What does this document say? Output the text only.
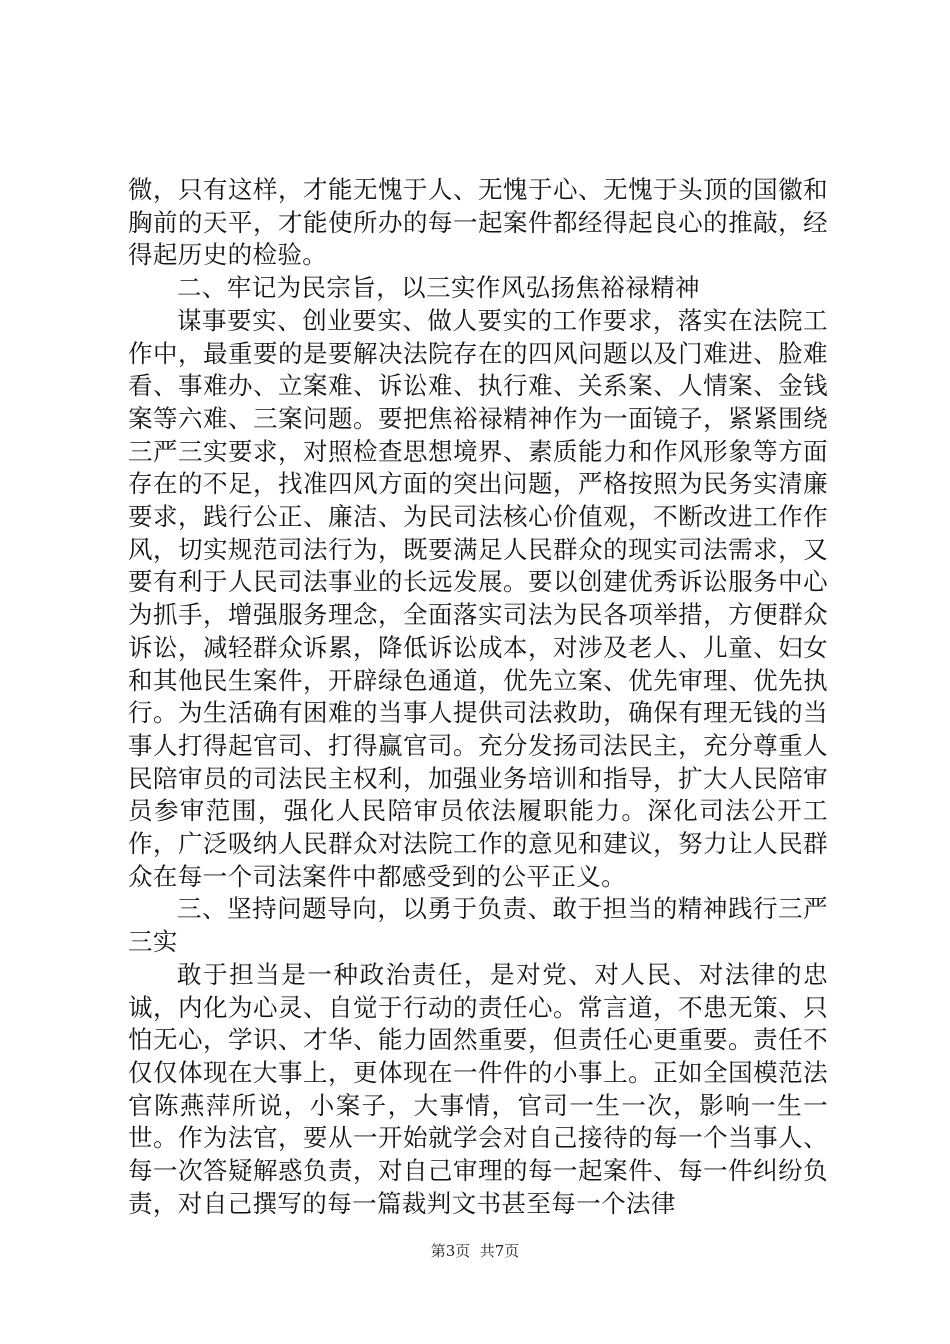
微，只有这样，才能无愧于人、无愧于心、无愧于头顶的国徽和胸前的天平，才能使所办的每一起案件都经得起良心的推敲，经得起历史的检验。

二、牢记为民宗旨，以三实作风弘扬焦裕禄精神

谋事要实、创业要实、做人要实的工作要求，落实在法院工作中，最重要的是要解决法院存在的四风问题以及门难进、脸难看、事难办、立案难、诉讼难、执行难、关系案、人情案、金钱案等六难、三案问题。要把焦裕禄精神作为一面镜子，紧紧围绕三严三实要求，对照检查思想境界、素质能力和作风形象等方面存在的不足，找准四风方面的突出问题，严格按照为民务实清廉要求，践行公正、廉洁、为民司法核心价值观，不断改进工作作风，切实规范司法行为，既要满足人民群众的现实司法需求，又要有利于人民司法事业的长远发展。要以创建优秀诉讼服务中心为抓手，增强服务理念，全面落实司法为民各项举措，方便群众诉讼，减轻群众诉累，降低诉讼成本，对涉及老人、儿童、妇女和其他民生案件，开辟绿色通道，优先立案、优先审理、优先执行。为生活确有困难的当事人提供司法救助，确保有理无钱的当事人打得起官司、打得赢官司。充分发扬司法民主，充分尊重人民陪审员的司法民主权利，加强业务培训和指导，扩大人民陪审员参审范围，强化人民陪审员依法履职能力。深化司法公开工作，广泛吸纳人民群众对法院工作的意见和建议，努力让人民群众在每一个司法案件中都感受到的公平正义。

三、坚持问题导向，以勇于负责、敢于担当的精神践行三严三实

敢于担当是一种政治责任，是对党、对人民、对法律的忠诚，内化为心灵、自觉于行动的责任心。常言道，不患无策、只怕无心，学识、才华、能力固然重要，但责任心更重要。责任不仅仅体现在大事上，更体现在一件件的小事上。正如全国模范法官陈燕萍所说，小案子，大事情，官司一生一次，影响一生一世。作为法官，要从一开始就学会对自己接待的每一个当事人、每一次答疑解惑负责，对自己审理的每一起案件、每一件纠纷负责，对自己撰写的每一篇裁判文书甚至每一个法律

第3页  共7页
